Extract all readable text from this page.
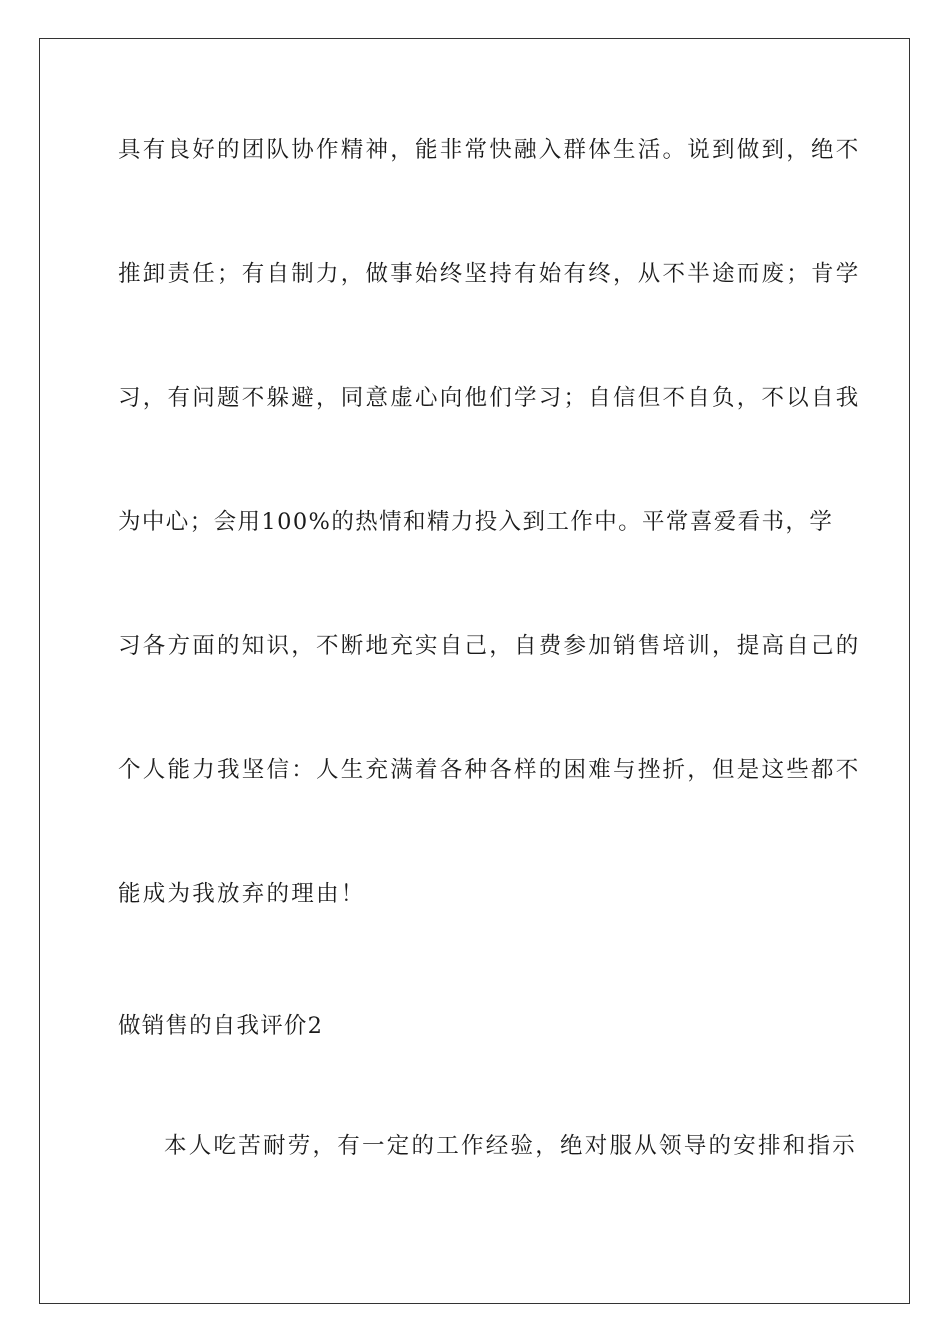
具有良好的团队协作精神，能非常快融入群体生活。说到做到，绝不
推卸责任；有自制力，做事始终坚持有始有终，从不半途而废；肯学
习，有问题不躲避，同意虚心向他们学习；自信但不自负，不以自我
为中心；会用100%的热情和精力投入到工作中。平常喜爱看书，学
习各方面的知识，不断地充实自己，自费参加销售培训，提高自己的
个人能力我坚信：人生充满着各种各样的困难与挫折，但是这些都不
能成为我放弃的理由！
做销售的自我评价2
本人吃苦耐劳，有一定的工作经验，绝对服从领导的安排和指示
